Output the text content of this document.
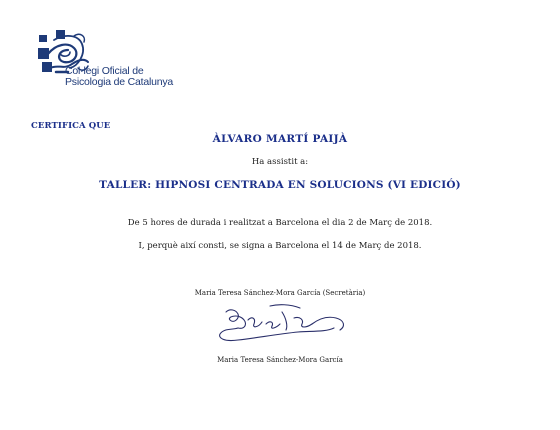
Col·legi Oficial de
Psicologia de Catalunya
CERTIFICA QUE
ÀLVARO MARTÍ PAIJÀ
Ha assistit a:
TALLER: HIPNOSI CENTRADA EN SOLUCIONS (VI EDICIÓ)
De 5 hores de durada i realitzat a Barcelona el dia 2 de Març de 2018.
I, perquè així consti, se signa a Barcelona el 14 de Març de 2018.
Maria Teresa Sánchez-Mora García (Secretària)
Maria Teresa Sánchez-Mora García
